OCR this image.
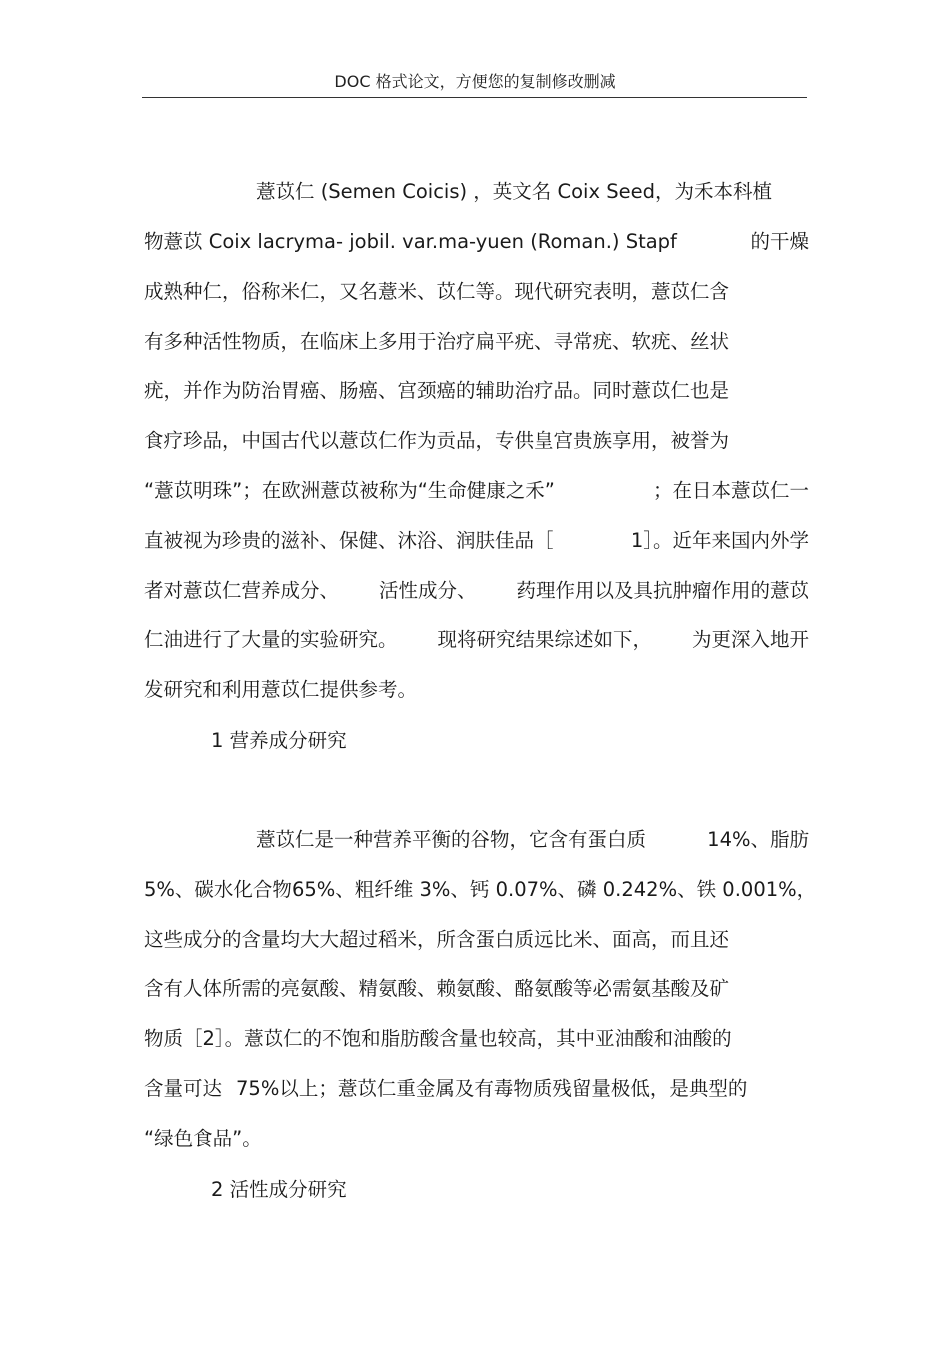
DOC 格式论文，方便您的复制修改删减
薏苡仁 (Semen Coicis) ，英文名 Coix Seed，为禾本科植
物薏苡 Coix lacryma- jobil. var.ma-yuen (Roman.) Stapf	的干燥
成熟种仁，俗称米仁，又名薏米、苡仁等。现代研究表明，薏苡仁含
有多种活性物质，在临床上多用于治疗扁平疣、寻常疣、软疣、丝状
疣，并作为防治胃癌、肠癌、宫颈癌的辅助治疗品。同时薏苡仁也是
食疗珍品，中国古代以薏苡仁作为贡品，专供皇宫贵族享用，被誉为
“薏苡明珠”；在欧洲薏苡被称为“生命健康之禾”	；在日本薏苡仁一
直被视为珍贵的滋补、保健、沐浴、润肤佳品［	1］。近年来国内外学
者对薏苡仁营养成分、 活性成分、 药理作用以及具抗肿瘤作用的薏苡
仁油进行了大量的实验研究。 现将研究结果综述如下， 为更深入地开
发研究和利用薏苡仁提供参考。
1 营养成分研究
薏苡仁是一种营养平衡的谷物，它含有蛋白质	14%、脂肪
5%、碳水化合物 65%、粗纤维 3%、钙 0.07%、磷 0.242%、铁 0.001%，
这些成分的含量均大大超过稻米，所含蛋白质远比米、面高，而且还
含有人体所需的亮氨酸、精氨酸、赖氨酸、酪氨酸等必需氨基酸及矿
物质［2］。薏苡仁的不饱和脂肪酸含量也较高，其中亚油酸和油酸的
含量可达 75%以上；薏苡仁重金属及有毒物质残留量极低，是典型的
“绿色食品”。
2 活性成分研究
